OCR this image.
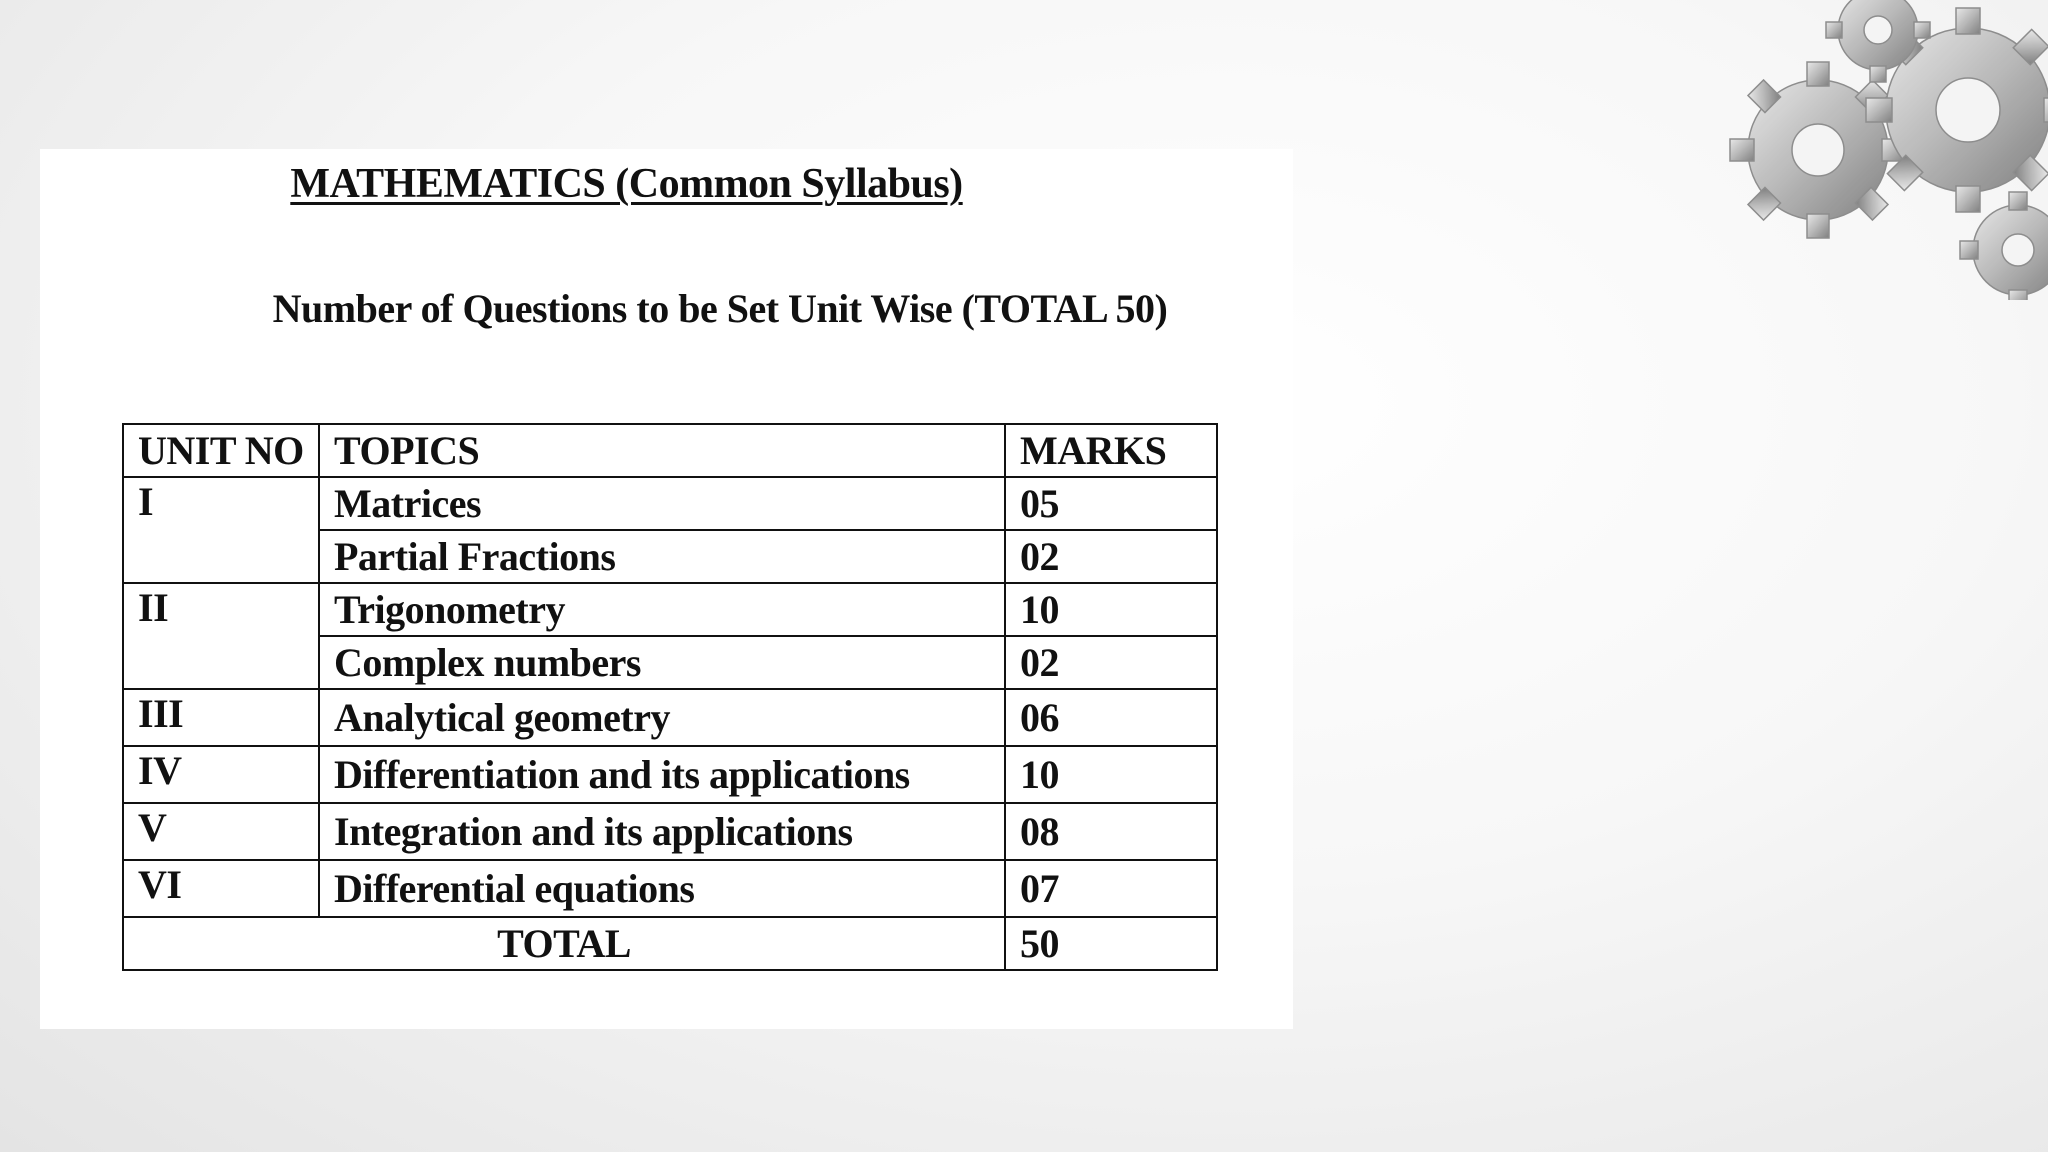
MATHEMATICS (Common Syllabus)
Number of Questions to be Set Unit Wise (TOTAL 50)
UNIT NO	TOPICS	MARKS
I	Matrices	05
	Partial Fractions	02
II	Trigonometry	10
	Complex numbers	02
III	Analytical geometry	06
IV	Differentiation and its applications	10
V	Integration and its applications	08
VI	Differential equations	07
TOTAL		50
